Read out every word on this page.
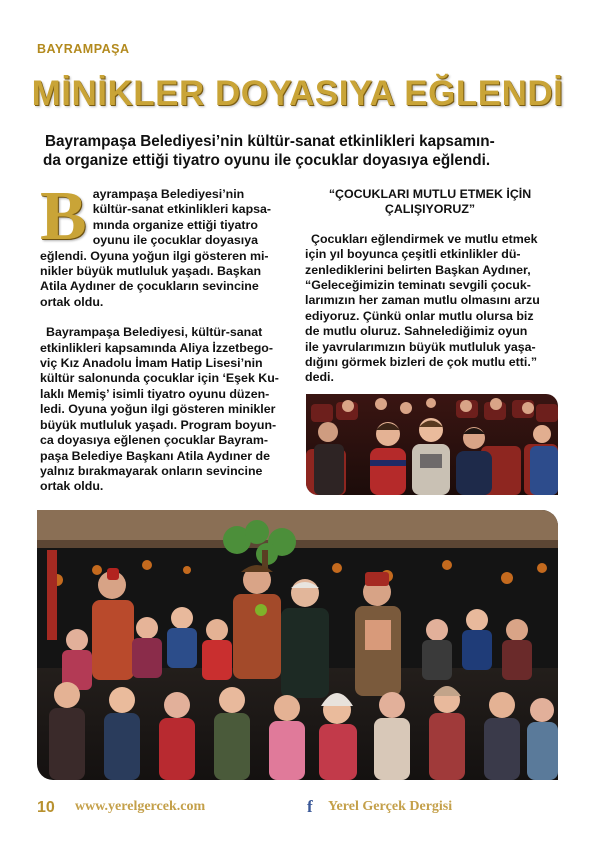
BAYRAMPAŞA
MİNİKLER DOYASIYA EĞLENDİ
Bayrampaşa Belediyesi’nin kültür-sanat etkinlikleri kapsamın-
da organize ettiği tiyatro oyunu ile çocuklar doyasıya eğlendi.
B ayrampaşa Belediyesi’nin
kültür-sanat etkinlikleri kapsa-
mında organize ettiği tiyatro
oyunu ile çocuklar doyasıya
eğlendi. Oyuna yoğun ilgi gösteren mi-
nikler büyük mutluluk yaşadı. Başkan
Atila Aydıner de çocukların sevincine
ortak oldu.
Bayrampaşa Belediyesi, kültür-sanat
etkinlikleri kapsamında Aliya İzzetbego-
viç Kız Anadolu İmam Hatip Lisesi’nin
kültür salonunda çocuklar için ‘Eşek Ku-
laklı Memiş’ isimli tiyatro oyunu düzen-
ledi. Oyuna yoğun ilgi gösteren minikler
büyük mutluluk yaşadı. Program boyun-
ca doyasıya eğlenen çocuklar Bayram-
paşa Belediye Başkanı Atila Aydıner de
yalnız bırakmayarak onların sevincine
ortak oldu.
“ÇOCUKLARI MUTLU ETMEK İÇİN
ÇALIŞIYORUZ”
Çocukları eğlendirmek ve mutlu etmek
için yıl boyunca çeşitli etkinlikler dü-
zenlediklerini belirten Başkan Aydıner,
“Geleceğimizin teminatı sevgili çocuk-
larımızın her zaman mutlu olmasını arzu
ediyoruz. Çünkü onlar mutlu olursa biz
de mutlu oluruz. Sahnelediğimiz oyun
ile yavrularımızın büyük mutluluk yaşa-
dığını görmek bizleri de çok mutlu etti.”
dedi.
10 www.yerelgercek.com	f Yerel Gerçek Dergisi
